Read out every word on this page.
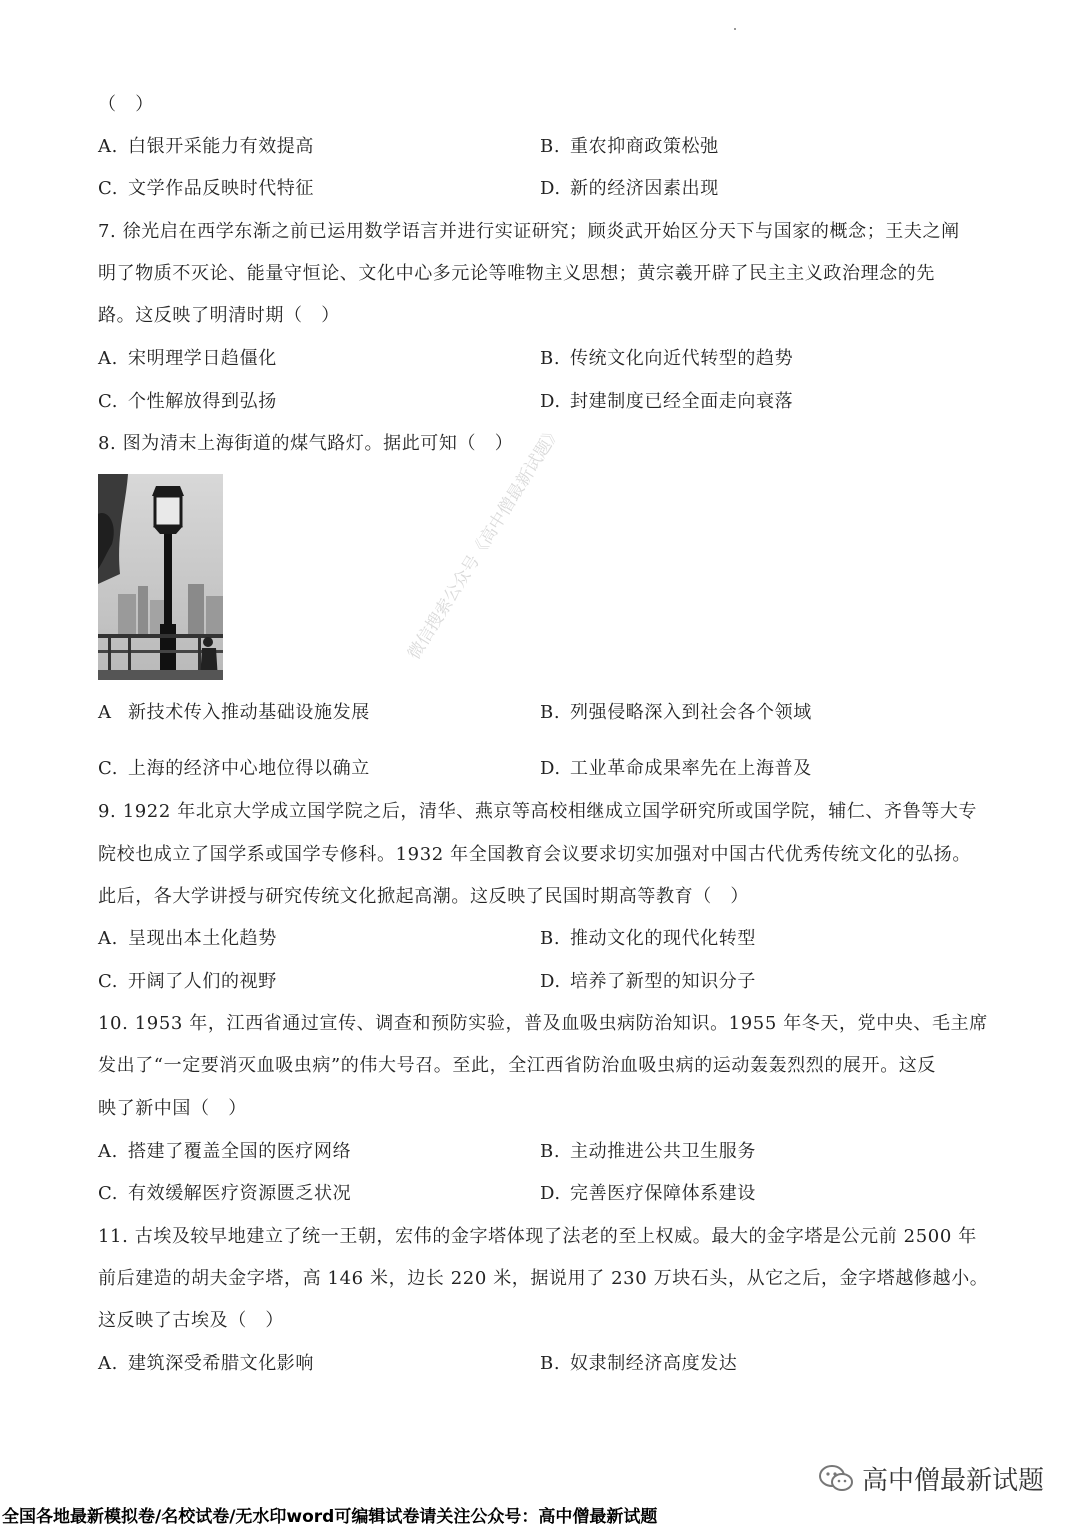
（　）
A. 白银开采能力有效提高	B. 重农抑商政策松弛
C. 文学作品反映时代特征	D. 新的经济因素出现
7. 徐光启在西学东渐之前已运用数学语言并进行实证研究；顾炎武开始区分天下与国家的概念；王夫之阐
明了物质不灭论、能量守恒论、文化中心多元论等唯物主义思想；黄宗羲开辟了民主主义政治理念的先
路。这反映了明清时期（　）
A. 宋明理学日趋僵化	B. 传统文化向近代转型的趋势
C. 个性解放得到弘扬	D. 封建制度已经全面走向衰落
8. 图为清末上海街道的煤气路灯。据此可知（　）
A 新技术传入推动基础设施发展	B. 列强侵略深入到社会各个领域
C. 上海的经济中心地位得以确立	D. 工业革命成果率先在上海普及
9. 1922 年北京大学成立国学院之后，清华、燕京等高校相继成立国学研究所或国学院，辅仁、齐鲁等大专
院校也成立了国学系或国学专修科。1932 年全国教育会议要求切实加强对中国古代优秀传统文化的弘扬。
此后，各大学讲授与研究传统文化掀起高潮。这反映了民国时期高等教育（　）
A. 呈现出本土化趋势	B. 推动文化的现代化转型
C. 开阔了人们的视野	D. 培养了新型的知识分子
10. 1953 年，江西省通过宣传、调查和预防实验，普及血吸虫病防治知识。1955 年冬天，党中央、毛主席
发出了“一定要消灭血吸虫病”的伟大号召。至此，全江西省防治血吸虫病的运动轰轰烈烈的展开。这反
映了新中国（　）
A. 搭建了覆盖全国的医疗网络	B. 主动推进公共卫生服务
C. 有效缓解医疗资源匮乏状况	D. 完善医疗保障体系建设
11. 古埃及较早地建立了统一王朝，宏伟的金字塔体现了法老的至上权威。最大的金字塔是公元前 2500 年
前后建造的胡夫金字塔，高 146 米，边长 220 米，据说用了 230 万块石头，从它之后，金字塔越修越小。
这反映了古埃及（　）
A. 建筑深受希腊文化影响	B. 奴隶制经济高度发达
微信搜索公众号《高中僧最新试题》
高中僧最新试题
全国各地最新模拟卷/名校试卷/无水印word可编辑试卷请关注公众号：高中僧最新试题
